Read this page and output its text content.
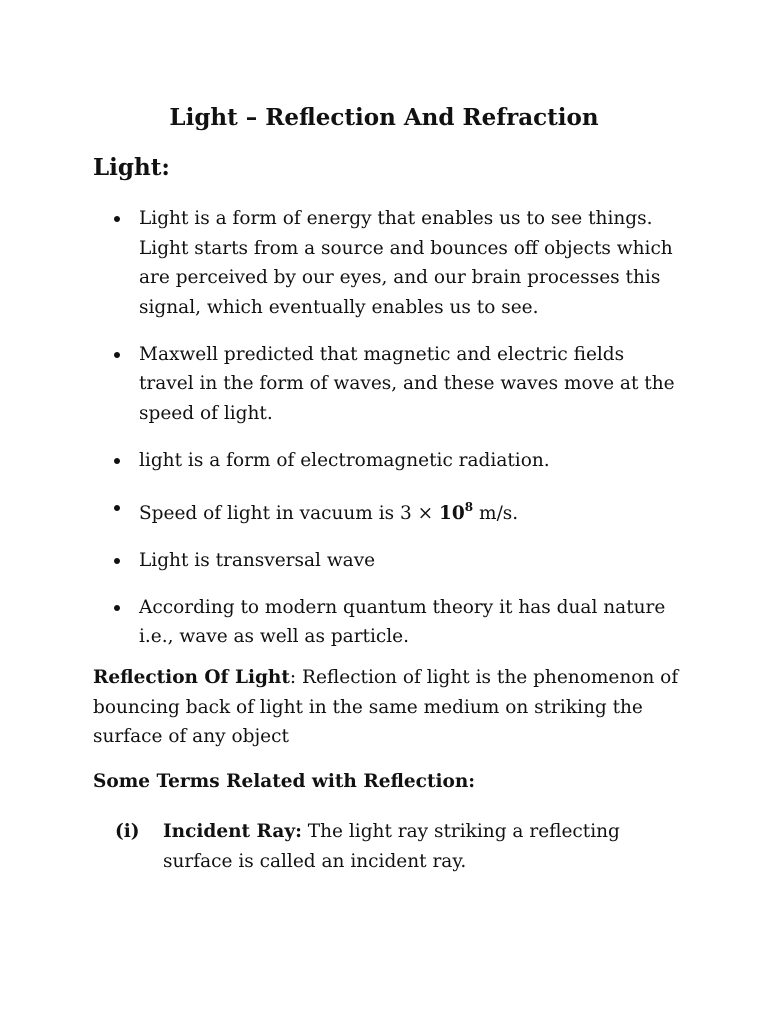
Light – Reflection And Refraction
Light:
Light is a form of energy that enables us to see things. Light starts from a source and bounces off objects which are perceived by our eyes, and our brain processes this signal, which eventually enables us to see.
Maxwell predicted that magnetic and electric fields travel in the form of waves, and these waves move at the speed of light.
light is a form of electromagnetic radiation.
Speed of light in vacuum is $3 \times 10^8$ m/s.
Light is transversal wave
According to modern quantum theory it has dual nature i.e., wave as well as particle.

Reflection Of Light: Reflection of light is the phenomenon of bouncing back of light in the same medium on striking the surface of any object

Some Terms Related with Reflection:

(i) Incident Ray: The light ray striking a reflecting surface is called an incident ray.
